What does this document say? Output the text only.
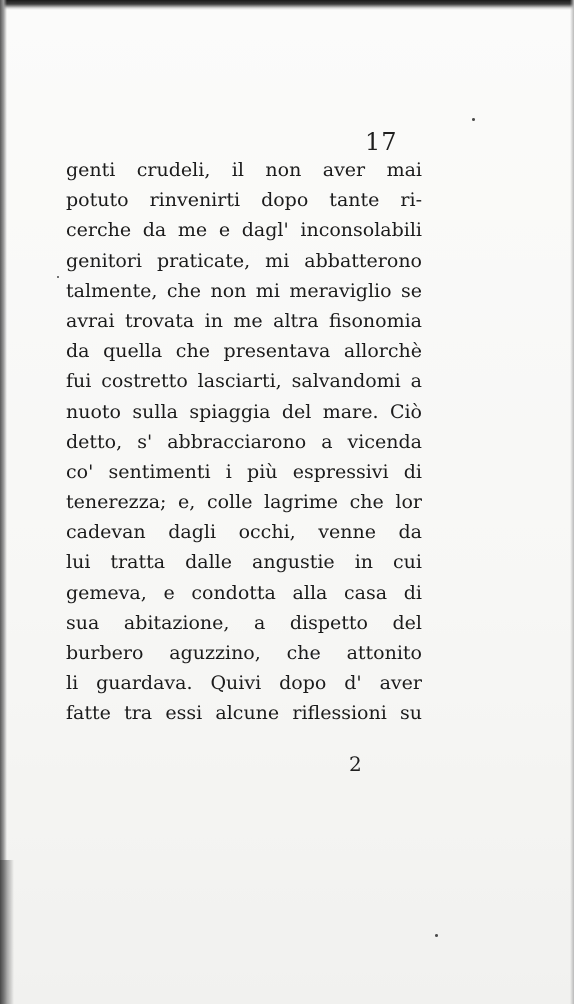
17
genti crudeli, il non aver mai
potuto rinvenirti dopo tante ri-
cerche da me e dagl' inconsolabili
genitori praticate, mi abbatterono
talmente, che non mi meraviglio se
avrai trovata in me altra fisonomia
da quella che presentava allorchè
fui costretto lasciarti, salvandomi a
nuoto sulla spiaggia del mare. Ciò
detto, s' abbracciarono a vicenda
co' sentimenti i più espressivi di
tenerezza; e, colle lagrime che lor
cadevan dagli occhi, venne da
lui tratta dalle angustie in cui
gemeva, e condotta alla casa di
sua abitazione, a dispetto del
burbero aguzzino, che attonito
li guardava. Quivi dopo d' aver
fatte tra essi alcune riflessioni su
2
